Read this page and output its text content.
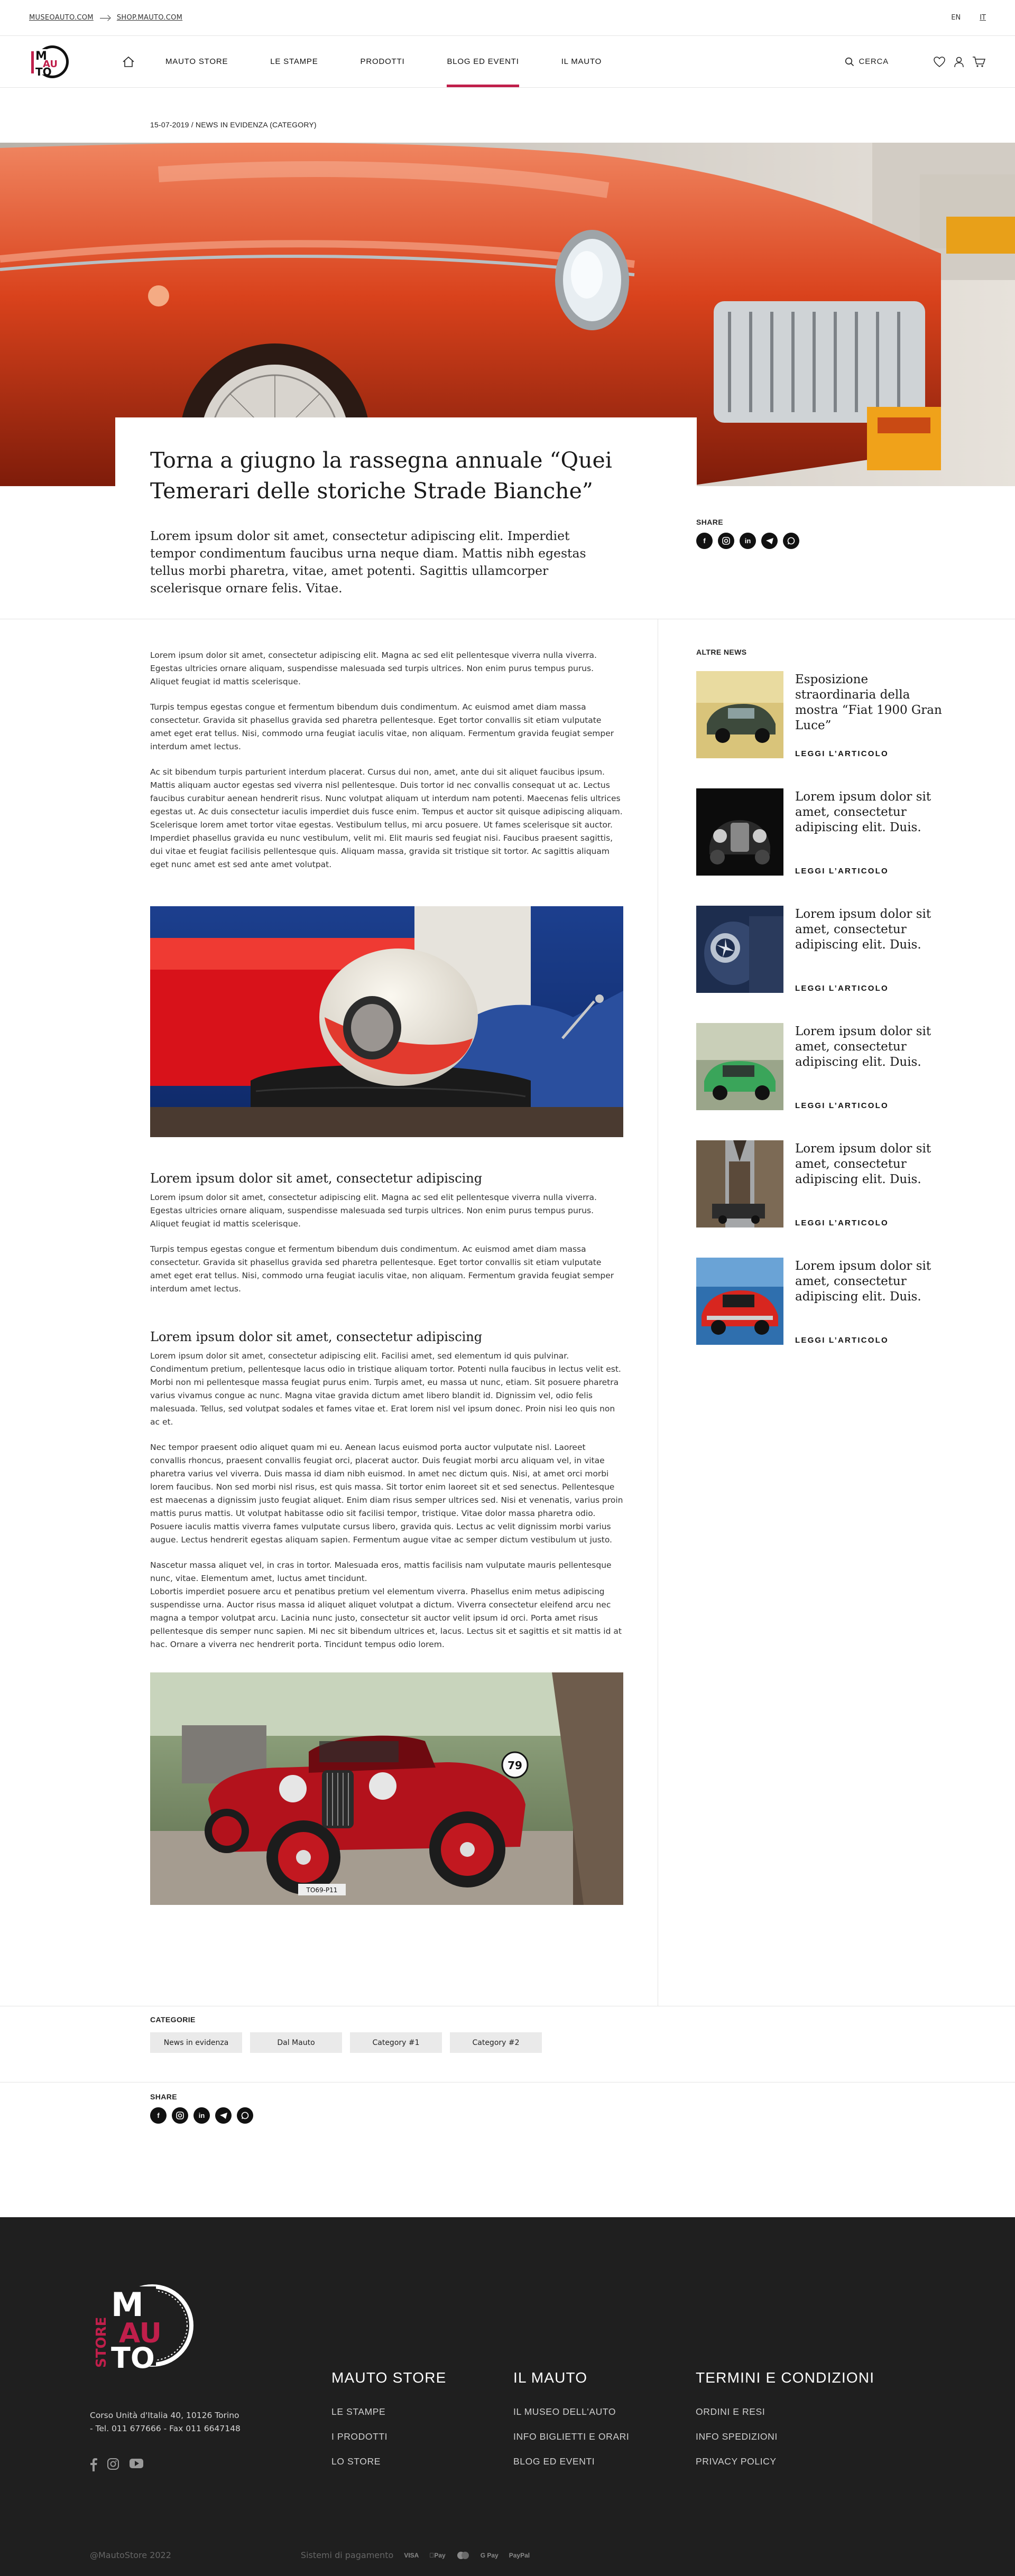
MUSEOAUTO.COM	SHOP.MAUTO.COM	EN	IT
M
AU
TO
MAUTO STORE	LE STAMPE	PRODOTTI	BLOG ED EVENTI	IL MAUTO	CERCA
15-07-2019 / NEWS IN EVIDENZA (CATEGORY)
Torna a giugno la rassegna annuale “Quei Temerari delle storiche Strade Bianche”

Lorem ipsum dolor sit amet, consectetur adipiscing elit. Imperdiet tempor condimentum faucibus urna neque diam. Mattis nibh egestas tellus morbi pharetra, vitae, amet potenti. Sagittis ullamcorper scelerisque ornare felis. Vitae.

SHARE
f	in

Lorem ipsum dolor sit amet, consectetur adipiscing elit. Magna ac sed elit pellentesque viverra nulla viverra. Egestas ultricies ornare aliquam, suspendisse malesuada sed turpis ultrices. Non enim purus tempus purus. Aliquet feugiat id mattis scelerisque.

Turpis tempus egestas congue et fermentum bibendum duis condimentum. Ac euismod amet diam massa consectetur. Gravida sit phasellus gravida sed pharetra pellentesque. Eget tortor convallis sit etiam vulputate amet eget erat tellus. Nisi, commodo urna feugiat iaculis vitae, non aliquam. Fermentum gravida feugiat semper interdum amet lectus.

Ac sit bibendum turpis parturient interdum placerat. Cursus dui non, amet, ante dui sit aliquet faucibus ipsum. Mattis aliquam auctor egestas sed viverra nisl pellentesque. Duis tortor id nec convallis consequat ut ac. Lectus faucibus curabitur aenean hendrerit risus. Nunc volutpat aliquam ut interdum nam potenti. Maecenas felis ultrices egestas ut. Ac duis consectetur iaculis imperdiet duis fusce enim. Tempus et auctor sit quisque adipiscing aliquam. Scelerisque lorem amet tortor vitae egestas. Vestibulum tellus, mi arcu posuere. Ut fames scelerisque sit auctor. Imperdiet phasellus gravida eu nunc vestibulum, velit mi. Elit mauris sed feugiat nisi. Faucibus praesent sagittis, dui vitae et feugiat facilisis pellentesque quis. Aliquam massa, gravida sit tristique sit tortor. Ac sagittis aliquam eget nunc amet est sed ante amet volutpat.

Lorem ipsum dolor sit amet, consectetur adipiscing

Lorem ipsum dolor sit amet, consectetur adipiscing elit. Magna ac sed elit pellentesque viverra nulla viverra. Egestas ultricies ornare aliquam, suspendisse malesuada sed turpis ultrices. Non enim purus tempus purus. Aliquet feugiat id mattis scelerisque.

Turpis tempus egestas congue et fermentum bibendum duis condimentum. Ac euismod amet diam massa consectetur. Gravida sit phasellus gravida sed pharetra pellentesque. Eget tortor convallis sit etiam vulputate amet eget erat tellus. Nisi, commodo urna feugiat iaculis vitae, non aliquam. Fermentum gravida feugiat semper interdum amet lectus.

Lorem ipsum dolor sit amet, consectetur adipiscing

Lorem ipsum dolor sit amet, consectetur adipiscing elit. Facilisi amet, sed elementum id quis pulvinar. Condimentum pretium, pellentesque lacus odio in tristique aliquam tortor. Potenti nulla faucibus in lectus velit est. Morbi non mi pellentesque massa feugiat purus enim. Turpis amet, eu massa ut nunc, etiam. Sit posuere pharetra varius vivamus congue ac nunc. Magna vitae gravida dictum amet libero blandit id. Dignissim vel, odio felis malesuada. Tellus, sed volutpat sodales et fames vitae et. Erat lorem nisl vel ipsum donec. Proin nisi leo quis non ac et.

Nec tempor praesent odio aliquet quam mi eu. Aenean lacus euismod porta auctor vulputate nisl. Laoreet convallis rhoncus, praesent convallis feugiat orci, placerat auctor. Duis feugiat morbi arcu aliquam vel, in vitae pharetra varius vel viverra. Duis massa id diam nibh euismod. In amet nec dictum quis. Nisi, at amet orci morbi lorem faucibus. Non sed morbi nisl risus, est quis massa. Sit tortor enim laoreet sit et sed senectus. Pellentesque est maecenas a dignissim justo feugiat aliquet. Enim diam risus semper ultrices sed. Nisi et venenatis, varius proin mattis purus mattis. Ut volutpat habitasse odio sit facilisi tempor, tristique. Vitae dolor massa pharetra odio. Posuere iaculis mattis viverra fames vulputate cursus libero, gravida quis. Lectus ac velit dignissim morbi varius augue. Lectus hendrerit egestas aliquam sapien. Fermentum augue vitae ac semper dictum vestibulum ut justo.

Nascetur massa aliquet vel, in cras in tortor. Malesuada eros, mattis facilisis nam vulputate mauris pellentesque nunc, vitae. Elementum amet, luctus amet tincidunt.

Lobortis imperdiet posuere arcu et penatibus pretium vel elementum viverra. Phasellus enim metus adipiscing suspendisse urna. Auctor risus massa id aliquet aliquet volutpat a dictum. Viverra consectetur eleifend arcu nec magna a tempor volutpat arcu. Lacinia nunc justo, consectetur sit auctor velit ipsum id orci. Porta amet risus pellentesque dis semper nunc sapien. Mi nec sit bibendum ultrices et, lacus. Lectus sit et sagittis et sit mattis id at hac. Ornare a viverra nec hendrerit porta. Tincidunt tempus odio lorem.

79
TO69-P11
ALTRE NEWS
Esposizione straordinaria della mostra “Fiat 1900 Gran Luce”
LEGGI L’ARTICOLO
Lorem ipsum dolor sit amet, consectetur adipiscing elit. Duis.
LEGGI L’ARTICOLO
Lorem ipsum dolor sit amet, consectetur adipiscing elit. Duis.
LEGGI L’ARTICOLO
Lorem ipsum dolor sit amet, consectetur adipiscing elit. Duis.
LEGGI L’ARTICOLO
Lorem ipsum dolor sit amet, consectetur adipiscing elit. Duis.
LEGGI L’ARTICOLO
Lorem ipsum dolor sit amet, consectetur adipiscing elit. Duis.
LEGGI L’ARTICOLO
CATEGORIE
News in evidenza	Dal Mauto	Category #1	Category #2
SHARE
f	in
M
AU
TO
STORE
Corso Unità d'Italia 40, 10126 Torino - Tel. 011 677666 - Fax 011 6647148
MAUTO STORE
LE STAMPE
I PRODOTTI
LO STORE
IL MAUTO
IL MUSEO DELL'AUTO
INFO BIGLIETTI E ORARI
BLOG ED EVENTI
TERMINI E CONDIZIONI
ORDINI E RESI
INFO SPEDIZIONI
PRIVACY POLICY
@MautoStore 2022	Sistemi di pagamento VISA Pay	G Pay PayPal
